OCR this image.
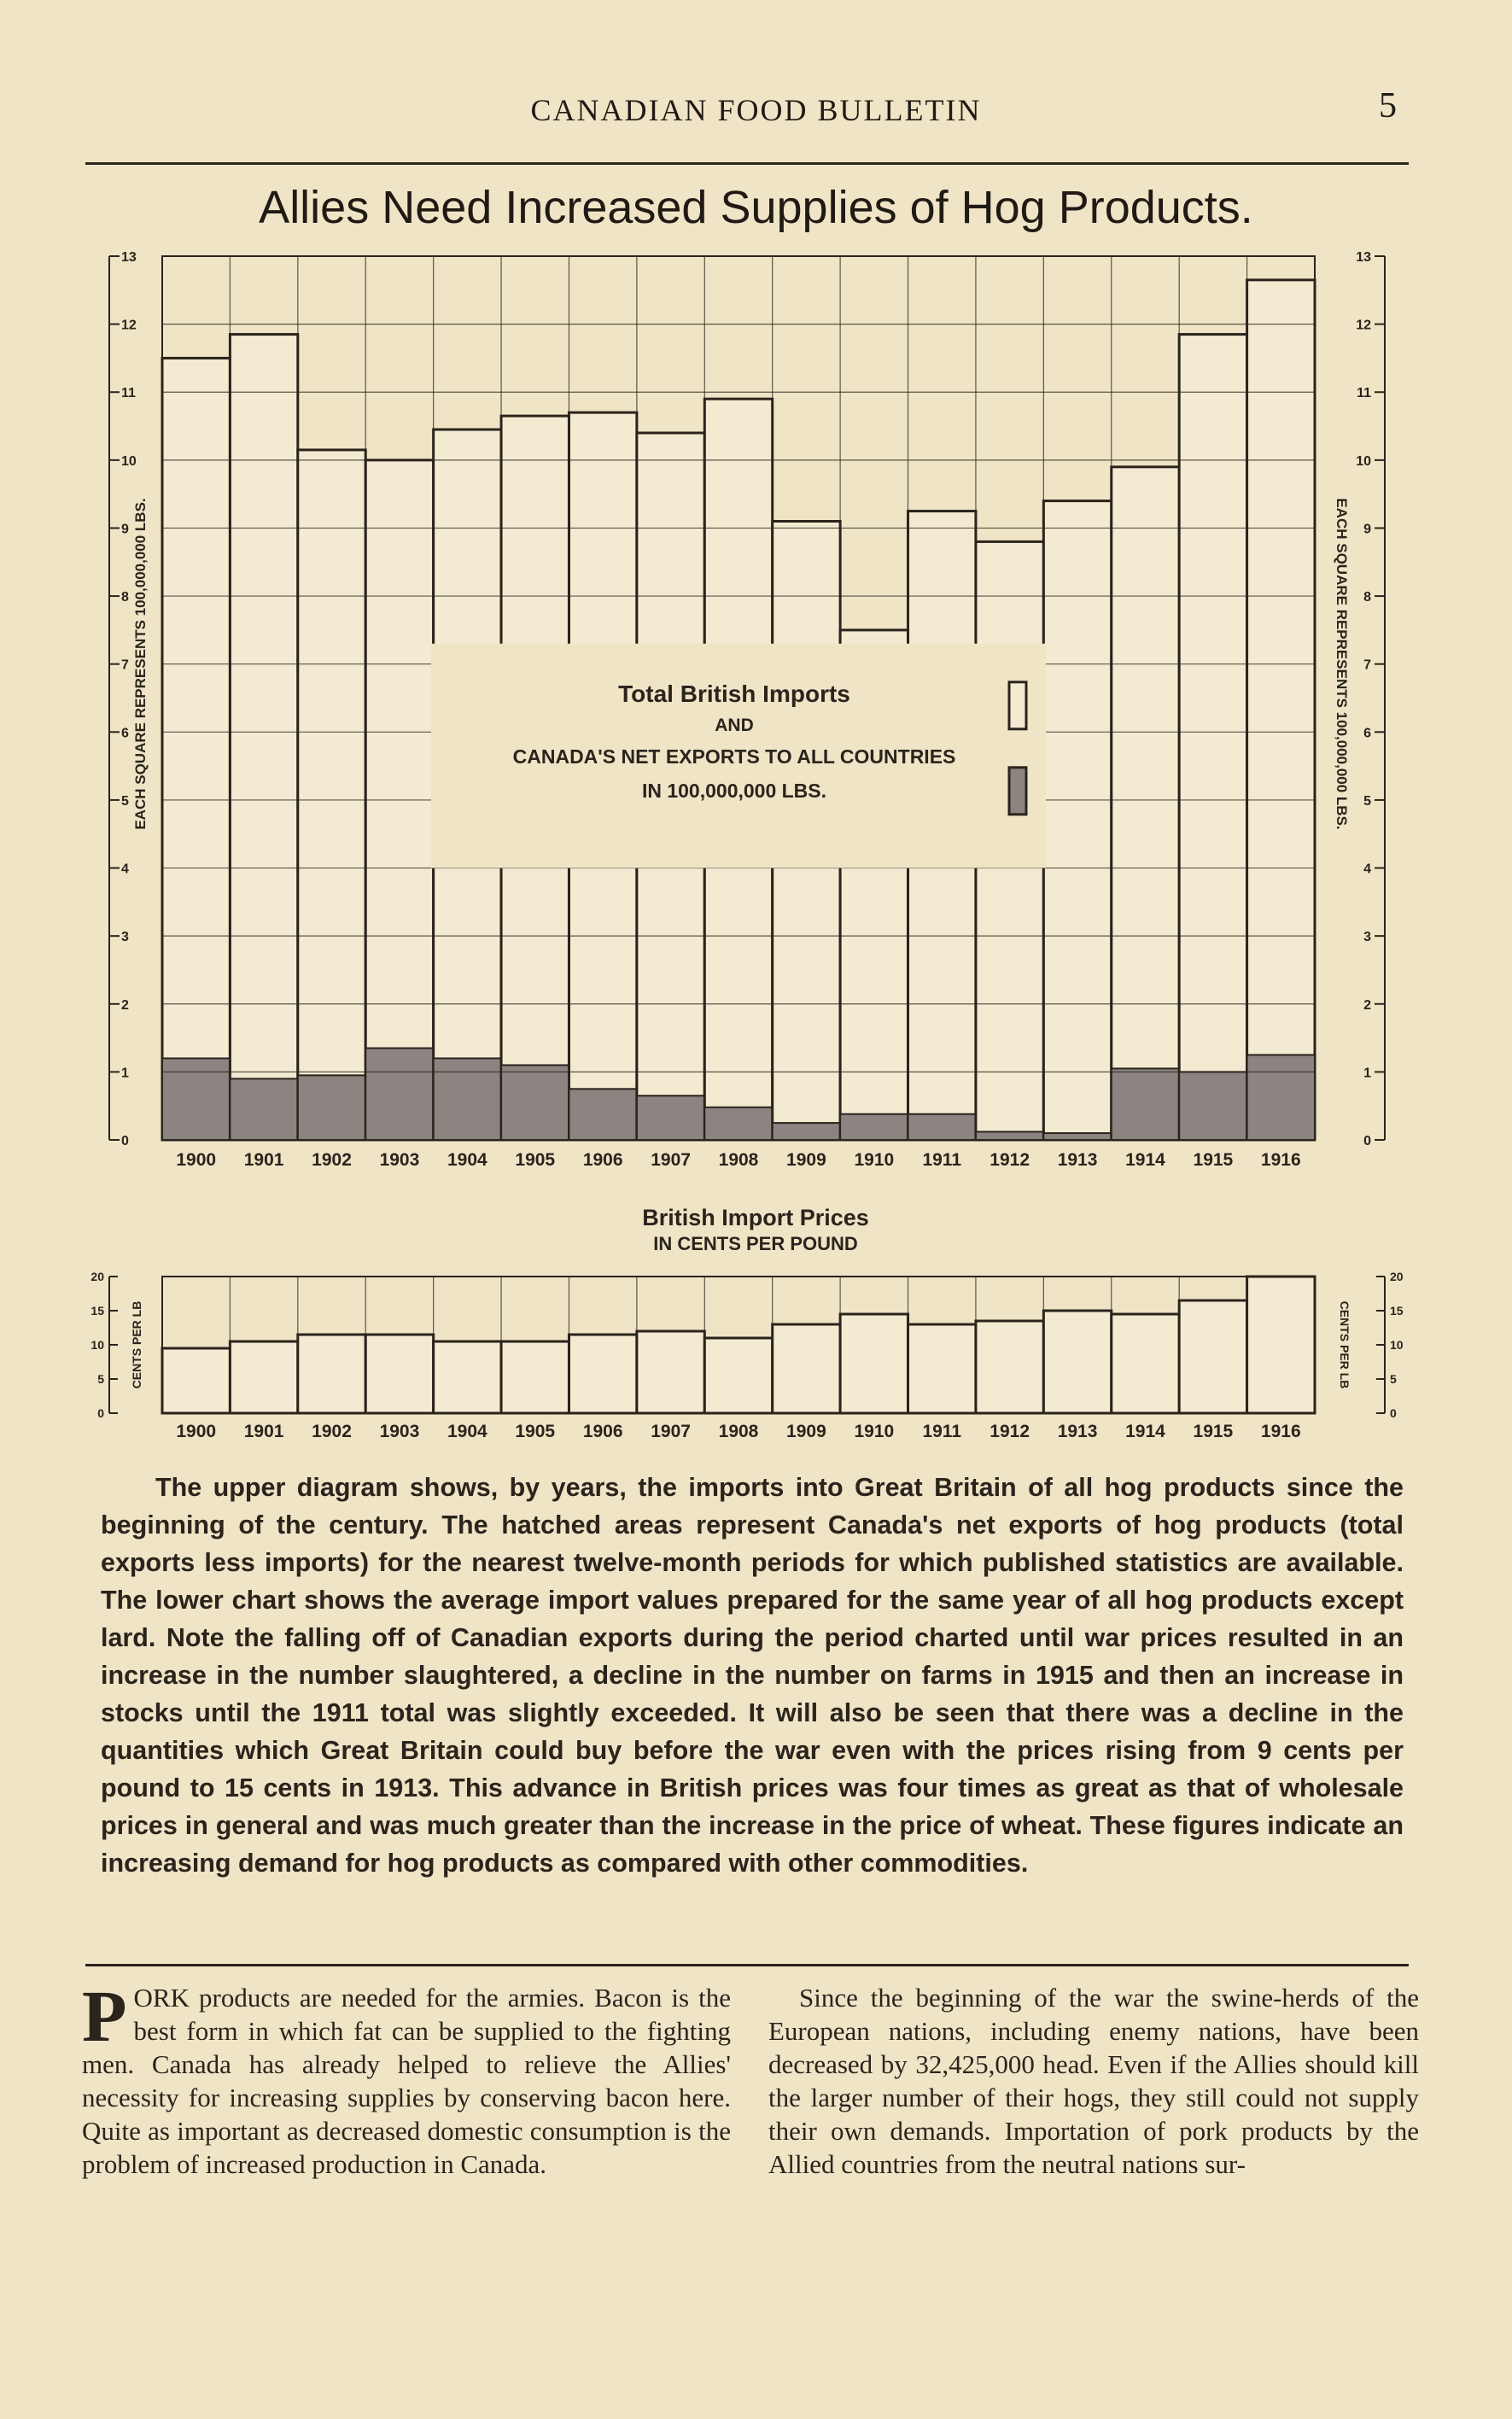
CANADIAN FOOD BULLETIN	5
Allies Need Increased Supplies of Hog Products.
0	0
1	1
2	2
3	3
4	4
5	5
6	6
7	7
8	8
9	9
10	10
11	11
12	12
13	13
EACH SQUARE REPRESENTS 100,000,000 LBS.	EACH SQUARE REPRESENTS 100,000,000 LBS.
1900 1901 1902 1903 1904 1905 1906 1907 1908 1909 1910 1911 1912 1913 1914 1915 1916
Total British Imports
AND
CANADA'S NET EXPORTS TO ALL COUNTRIES
IN 100,000,000 LBS.
British Import Prices
IN CENTS PER POUND
0	0
5	5
10	10
15	15
20	20
CENTS PER LB	CENTS PER LB
1900 1901 1902 1903 1904 1905 1906 1907 1908 1909 1910 1911 1912 1913 1914 1915 1916
The upper diagram shows, by years, the imports into Great Britain of all hog products since the beginning of the century. The hatched areas represent Canada's net exports of hog products (total exports less imports) for the nearest twelve-month periods for which published statistics are available. The lower chart shows the average import values prepared for the same year of all hog products except lard. Note the falling off of Canadian exports during the period charted until war prices resulted in an increase in the number slaughtered, a decline in the number on farms in 1915 and then an increase in stocks until the 1911 total was slightly exceeded. It will also be seen that there was a decline in the quantities which Great Britain could buy before the war even with the prices rising from 9 cents per pound to 15 cents in 1913. This advance in British prices was four times as great as that of wholesale prices in general and was much greater than the increase in the price of wheat. These figures indicate an increasing demand for hog products as compared with other commodities.
PORK products are needed for the armies. Bacon is the best form in which fat can be supplied to the fighting men. Canada has already helped to relieve the Allies' necessity for increasing supplies by conserving bacon here. Quite as important as decreased domestic consumption is the problem of increased production in Canada.
Since the beginning of the war the swine-herds of the European nations, including enemy nations, have been decreased by 32,425,000 head. Even if the Allies should kill the larger number of their hogs, they still could not supply their own demands. Importation of pork products by the Allied countries from the neutral nations sur-
